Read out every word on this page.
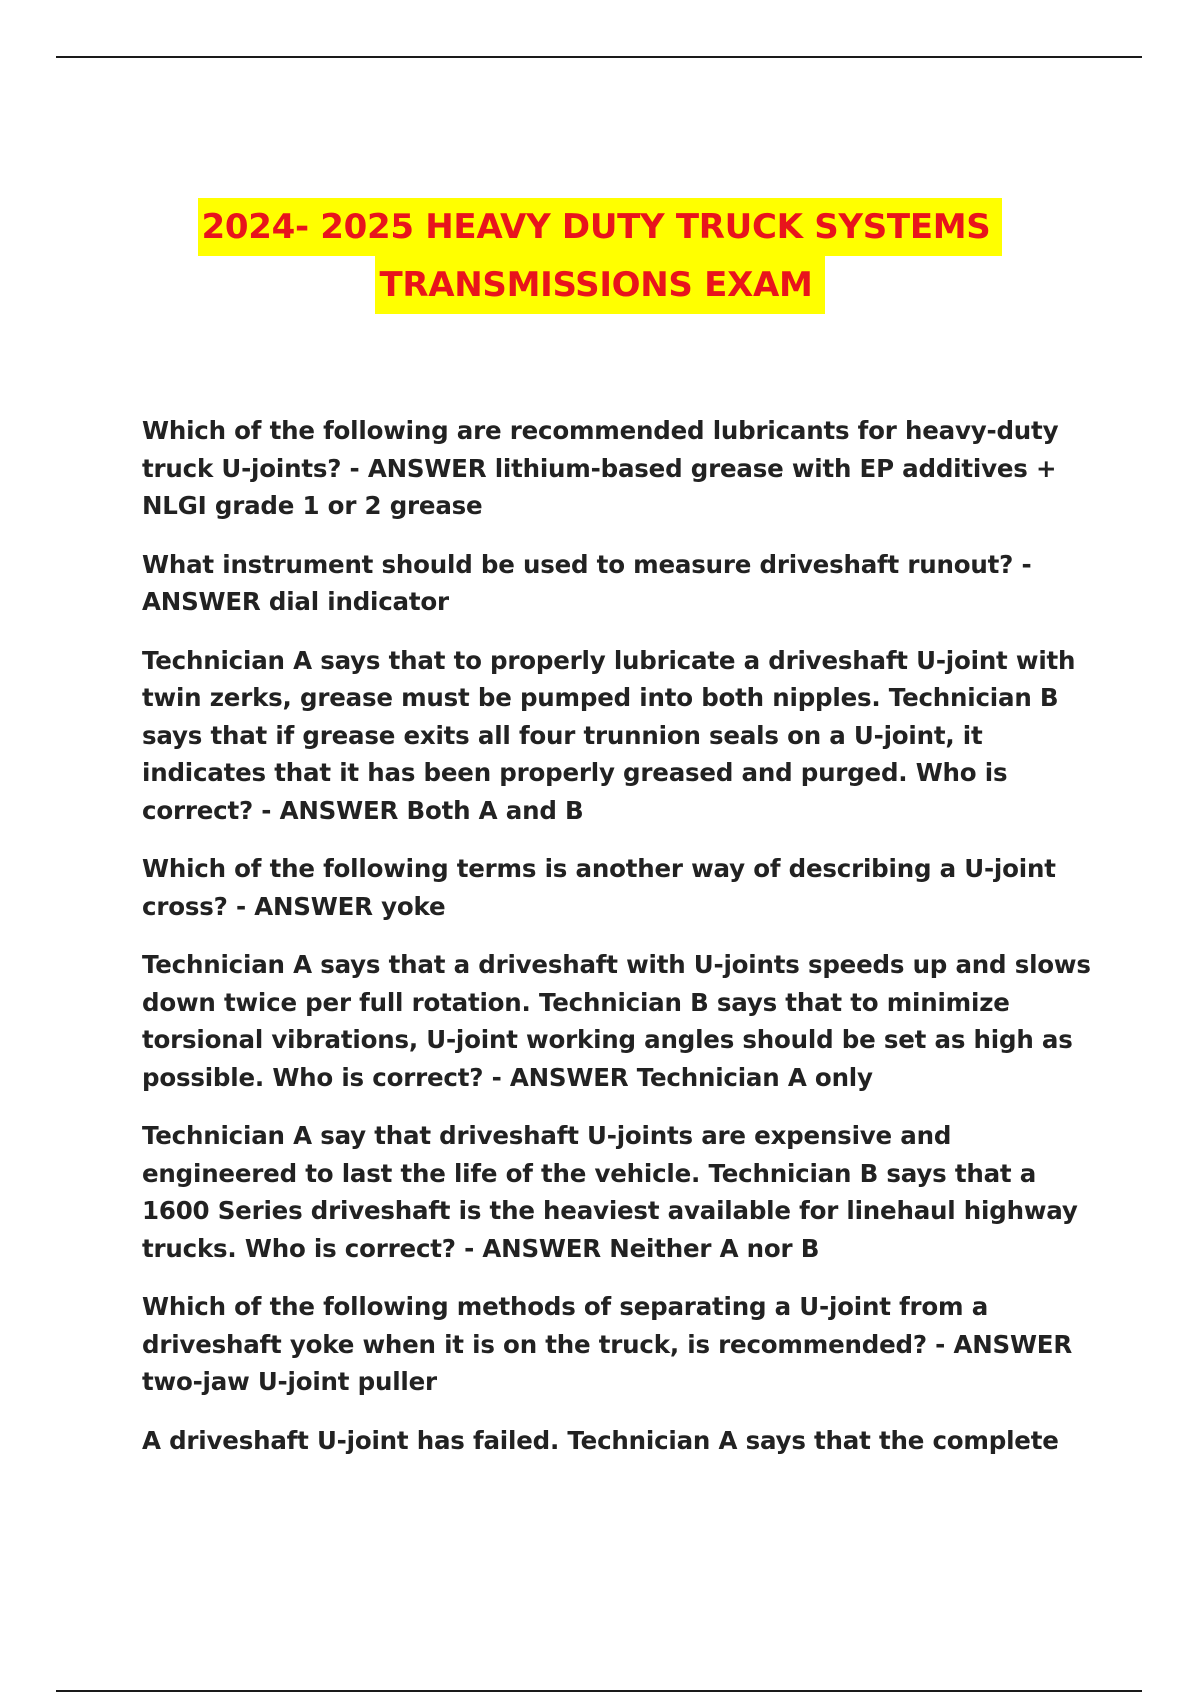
2024- 2025 HEAVY DUTY TRUCK SYSTEMS
TRANSMISSIONS EXAM

Which of the following are recommended lubricants for heavy-duty truck U-joints? - ANSWER lithium-based grease with EP additives + NLGI grade 1 or 2 grease

What instrument should be used to measure driveshaft runout? - ANSWER dial indicator

Technician A says that to properly lubricate a driveshaft U-joint with twin zerks, grease must be pumped into both nipples. Technician B says that if grease exits all four trunnion seals on a U-joint, it indicates that it has been properly greased and purged. Who is correct? - ANSWER Both A and B

Which of the following terms is another way of describing a U-joint cross? - ANSWER yoke

Technician A says that a driveshaft with U-joints speeds up and slows down twice per full rotation. Technician B says that to minimize torsional vibrations, U-joint working angles should be set as high as possible. Who is correct? - ANSWER Technician A only

Technician A say that driveshaft U-joints are expensive and engineered to last the life of the vehicle. Technician B says that a 1600 Series driveshaft is the heaviest available for linehaul highway trucks. Who is correct? - ANSWER Neither A nor B

Which of the following methods of separating a U-joint from a driveshaft yoke when it is on the truck, is recommended? - ANSWER two-jaw U-joint puller

A driveshaft U-joint has failed. Technician A says that the complete
